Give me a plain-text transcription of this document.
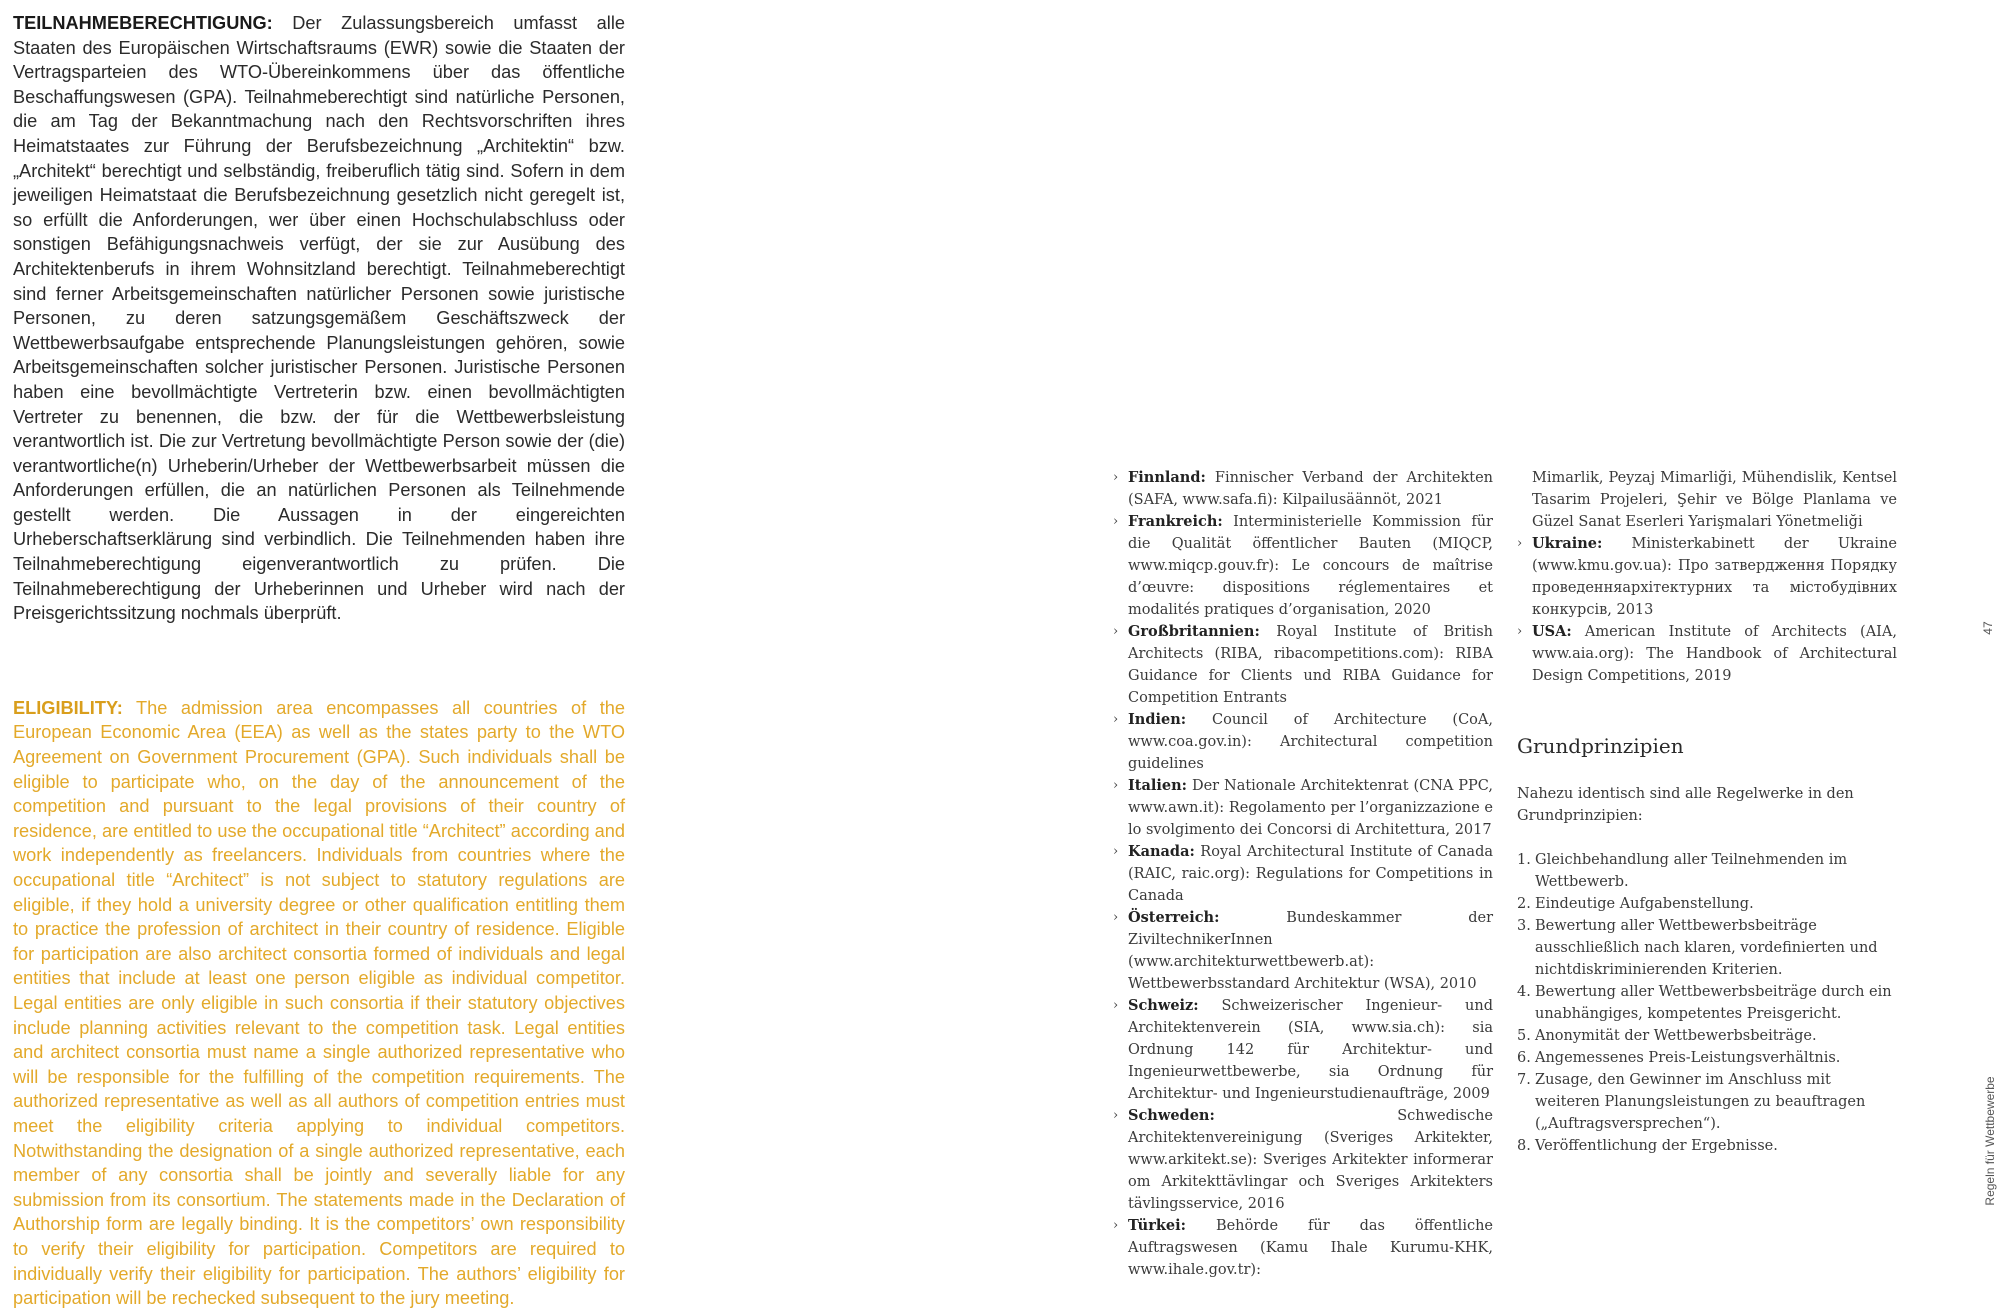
TEILNAHMEBERECHTIGUNG: Der Zulassungsbereich umfasst alle Staaten des Europäischen Wirtschaftsraums (EWR) sowie die Staaten der Vertragsparteien des WTO-Übereinkommens über das öffentliche Beschaffungswesen (GPA). Teilnahmeberechtigt sind natürliche Personen, die am Tag der Bekanntmachung nach den Rechtsvorschriften ihres Heimatstaates zur Führung der Berufsbezeichnung „Architektin“ bzw. „Architekt“ berechtigt und selbständig, freiberuflich tätig sind. Sofern in dem jeweiligen Heimatstaat die Berufsbezeichnung gesetzlich nicht geregelt ist, so erfüllt die Anforderungen, wer über einen Hochschulabschluss oder sonstigen Befähigungsnachweis verfügt, der sie zur Ausübung des Architektenberufs in ihrem Wohnsitzland berechtigt. Teilnahmeberechtigt sind ferner Arbeitsgemeinschaften natürlicher Personen sowie juristische Personen, zu deren satzungsgemäßem Geschäftszweck der Wettbewerbsaufgabe entsprechende Planungsleistungen gehören, sowie Arbeitsgemeinschaften solcher juristischer Personen. Juristische Personen haben eine bevollmächtigte Vertreterin bzw. einen bevollmächtigten Vertreter zu benennen, die bzw. der für die Wettbewerbsleistung verantwortlich ist. Die zur Vertretung bevollmächtigte Person sowie der (die) verantwortliche(n) Urheberin/Urheber der Wettbewerbsarbeit müssen die Anforderungen erfüllen, die an natürlichen Personen als Teilnehmende gestellt werden. Die Aussagen in der eingereichten Urheberschaftserklärung sind verbindlich. Die Teilnehmenden haben ihre Teilnahmeberechtigung eigenverantwortlich zu prüfen. Die Teilnahmeberechtigung der Urheberinnen und Urheber wird nach der Preisgerichtssitzung nochmals überprüft.

ELIGIBILITY: The admission area encompasses all countries of the European Economic Area (EEA) as well as the states party to the WTO Agreement on Government Procurement (GPA). Such individuals shall be eligible to participate who, on the day of the announcement of the competition and pursuant to the legal provisions of their country of residence, are entitled to use the occupational title “Architect” according and work independently as freelancers. Individuals from countries where the occupational title “Architect” is not subject to statutory regulations are eligible, if they hold a university degree or other qualification entitling them to practice the profession of architect in their country of residence. Eligible for participation are also architect consortia formed of individuals and legal entities that include at least one person eligible as individual competitor. Legal entities are only eligible in such consortia if their statutory objectives include planning activities relevant to the competition task. Legal entities and architect consortia must name a single authorized representative who will be responsible for the fulfilling of the competition requirements. The authorized representative as well as all authors of competition entries must meet the eligibility criteria applying to individual competitors. Notwithstanding the designation of a single authorized representative, each member of any consortia shall be jointly and severally liable for any submission from its consortium. The statements made in the Declaration of Authorship form are legally binding. It is the competitors’ own responsibility to verify their eligibility for participation. Competitors are required to individually verify their eligibility for participation. The authors’ eligibility for participation will be rechecked subsequent to the jury meeting.

› Finnland: Finnischer Verband der Architekten (SAFA, www.safa.fi): Kilpailusäännöt, 2021
› Frankreich: Interministerielle Kommission für die Qualität öffentlicher Bauten (MIQCP, www.miqcp.gouv.fr): Le concours de maîtrise d’œuvre: dispositions réglementaires et modalités pratiques d’organisation, 2020
› Großbritannien: Royal Institute of British Architects (RIBA, ribacompetitions.com): RIBA Guidance for Clients und RIBA Guidance for Competition Entrants
› Indien: Council of Architecture (CoA, www.coa.gov.in): Architectural competition guidelines
› Italien: Der Nationale Architektenrat (CNA PPC, www.awn.it): Regolamento per l’organizzazione e lo svolgimento dei Concorsi di Architettura, 2017
› Kanada: Royal Architectural Institute of Canada (RAIC, raic.org): Regulations for Competitions in Canada
› Österreich: Bundeskammer der ZiviltechnikerInnen (www.architekturwettbewerb.at): Wettbewerbsstandard Architektur (WSA), 2010
› Schweiz: Schweizerischer Ingenieur- und Architektenverein (SIA, www.sia.ch): sia Ordnung 142 für Architektur- und Ingenieurwettbewerbe, sia Ordnung für Architektur- und Ingenieurstudienaufträge, 2009
› Schweden: Schwedische Architektenvereinigung (Sveriges Arkitekter, www.arkitekt.se): Sveriges Arkitekter informerar om Arkitekttävlingar och Sveriges Arkitekters tävlingsservice, 2016
› Türkei: Behörde für das öffentliche Auftragswesen (Kamu Ihale Kurumu-KHK, www.ihale.gov.tr):

Mimarlik, Peyzaj Mimarliği, Mühendislik, Kentsel Tasarim Projeleri, Şehir ve Bölge Planlama ve Güzel Sanat Eserleri Yarişmalari Yönetmeliği

› Ukraine: Ministerkabinett der Ukraine (www.kmu.gov.ua): Про затвердження Порядку проведенняархітектурних та містобудівних конкурсів, 2013
› USA: American Institute of Architects (AIA, www.aia.org): The Handbook of Architectural Design Competitions, 2019
Grundprinzipien

Nahezu identisch sind alle Regelwerke in den Grundprinzipien:

1. Gleichbehandlung aller Teilnehmenden im Wettbewerb.
2. Eindeutige Aufgabenstellung.
3. Bewertung aller Wettbewerbsbeiträge ausschließlich nach klaren, vordefinierten und nichtdiskriminierenden Kriterien.
4. Bewertung aller Wettbewerbsbeiträge durch ein unabhängiges, kompetentes Preisgericht.
5. Anonymität der Wettbewerbsbeiträge.
6. Angemessenes Preis-Leistungsverhältnis.
7. Zusage, den Gewinner im Anschluss mit weiteren Planungsleistungen zu beauftragen („Auftragsversprechen“).
8. Veröffentlichung der Ergebnisse.
47
Regeln für Wettbewerbe
